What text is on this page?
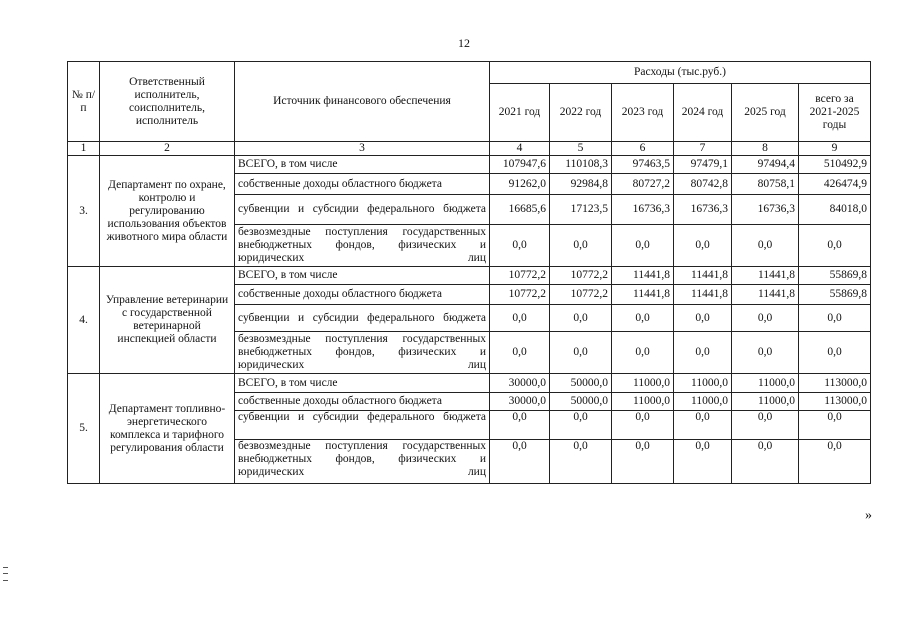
12
№ п/п	Ответственный исполнитель, соисполнитель, исполнитель	Источник финансового обеспечения	Расходы (тыс.руб.)					
			2021 год	2022 год	2023 год	2024 год	2025 год	всего за 2021-2025 годы
1	2	3	4	5	6	7	8	9
3.	Департамент по охране, контролю и регулированию использования объектов животного мира области	ВСЕГО, в том числе	107947,6	110108,3	97463,5	97479,1	97494,4	510492,9
		собственные доходы областного бюджета	91262,0	92984,8	80727,2	80742,8	80758,1	426474,9
		субвенции и субсидии федерального бюджета	16685,6	17123,5	16736,3	16736,3	16736,3	84018,0
		безвозмездные поступления государственных внебюджетных фондов, физических и юридических лиц	0,0	0,0	0,0	0,0	0,0	0,0
4.	Управление ветеринарии с государственной ветеринарной инспекцией области	ВСЕГО, в том числе	10772,2	10772,2	11441,8	11441,8	11441,8	55869,8
		собственные доходы областного бюджета	10772,2	10772,2	11441,8	11441,8	11441,8	55869,8
		субвенции и субсидии федерального бюджета	0,0	0,0	0,0	0,0	0,0	0,0
		безвозмездные поступления государственных внебюджетных фондов, физических и юридических лиц	0,0	0,0	0,0	0,0	0,0	0,0
5.	Департамент топливно-энергетического комплекса и тарифного регулирования области	ВСЕГО, в том числе	30000,0	50000,0	11000,0	11000,0	11000,0	113000,0
		собственные доходы областного бюджета	30000,0	50000,0	11000,0	11000,0	11000,0	113000,0
		субвенции и субсидии федерального бюджета	0,0	0,0	0,0	0,0	0,0	0,0
		безвозмездные поступления государственных внебюджетных фондов, физических и юридических лиц	0,0	0,0	0,0	0,0	0,0	0,0
»
